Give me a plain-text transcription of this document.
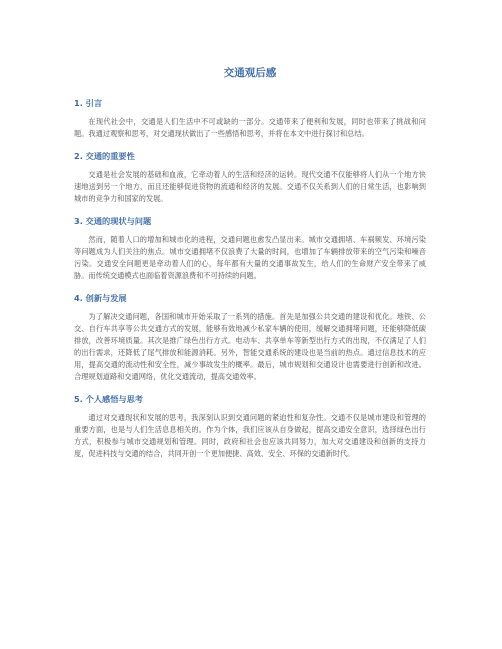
交通观后感
1. 引言

在现代社会中，交通是人们生活中不可或缺的一部分。交通带来了便利和发展，同时也带来了挑战和问题。我通过观察和思考，对交通现状做出了一些感悟和思考，并将在本文中进行探讨和总结。

2. 交通的重要性

交通是社会发展的基础和血液，它牵动着人的生活和经济的运转。现代交通不仅能够将人们从一个地方快速地送到另一个地方，而且还能够促进货物的流通和经济的发展。交通不仅关系到人们的日常生活，也影响到城市的竞争力和国家的发展。

3. 交通的现状与问题

然而，随着人口的增加和城市化的进程，交通问题也愈发凸显出来。城市交通拥堵、车祸频发、环境污染等问题成为人们关注的焦点。城市交通拥堵不仅浪费了大量的时间，也增加了车辆排放带来的空气污染和噪音污染。交通安全问题更是牵动着人们的心，每年都有大量的交通事故发生，给人们的生命财产安全带来了威胁。而传统交通模式也面临着资源浪费和不可持续的问题。

4. 创新与发展

为了解决交通问题，各国和城市开始采取了一系列的措施。首先是加强公共交通的建设和优化。地铁、公交、自行车共享等公共交通方式的发展，能够有效地减少私家车辆的使用，缓解交通拥堵问题，还能够降低碳排放，改善环境质量。其次是推广绿色出行方式。电动车、共享单车等新型出行方式的出现，不仅满足了人们的出行需求，还降低了尾气排放和能源消耗。另外，智能交通系统的建设也是当前的热点。通过信息技术的应用，提高交通的流动性和安全性，减少事故发生的概率。最后，城市规划和交通设计也需要进行创新和改进。合理规划道路和交通网络，优化交通流动，提高交通效率。

5. 个人感悟与思考

通过对交通现状和发展的思考，我深刻认识到交通问题的紧迫性和复杂性。交通不仅是城市建设和管理的重要方面，也是与人们生活息息相关的。作为个体，我们应该从自身做起，提高交通安全意识，选择绿色出行方式，积极参与城市交通规划和管理。同时，政府和社会也应该共同努力，加大对交通建设和创新的支持力度，促进科技与交通的结合，共同开创一个更加便捷、高效、安全、环保的交通新时代。
